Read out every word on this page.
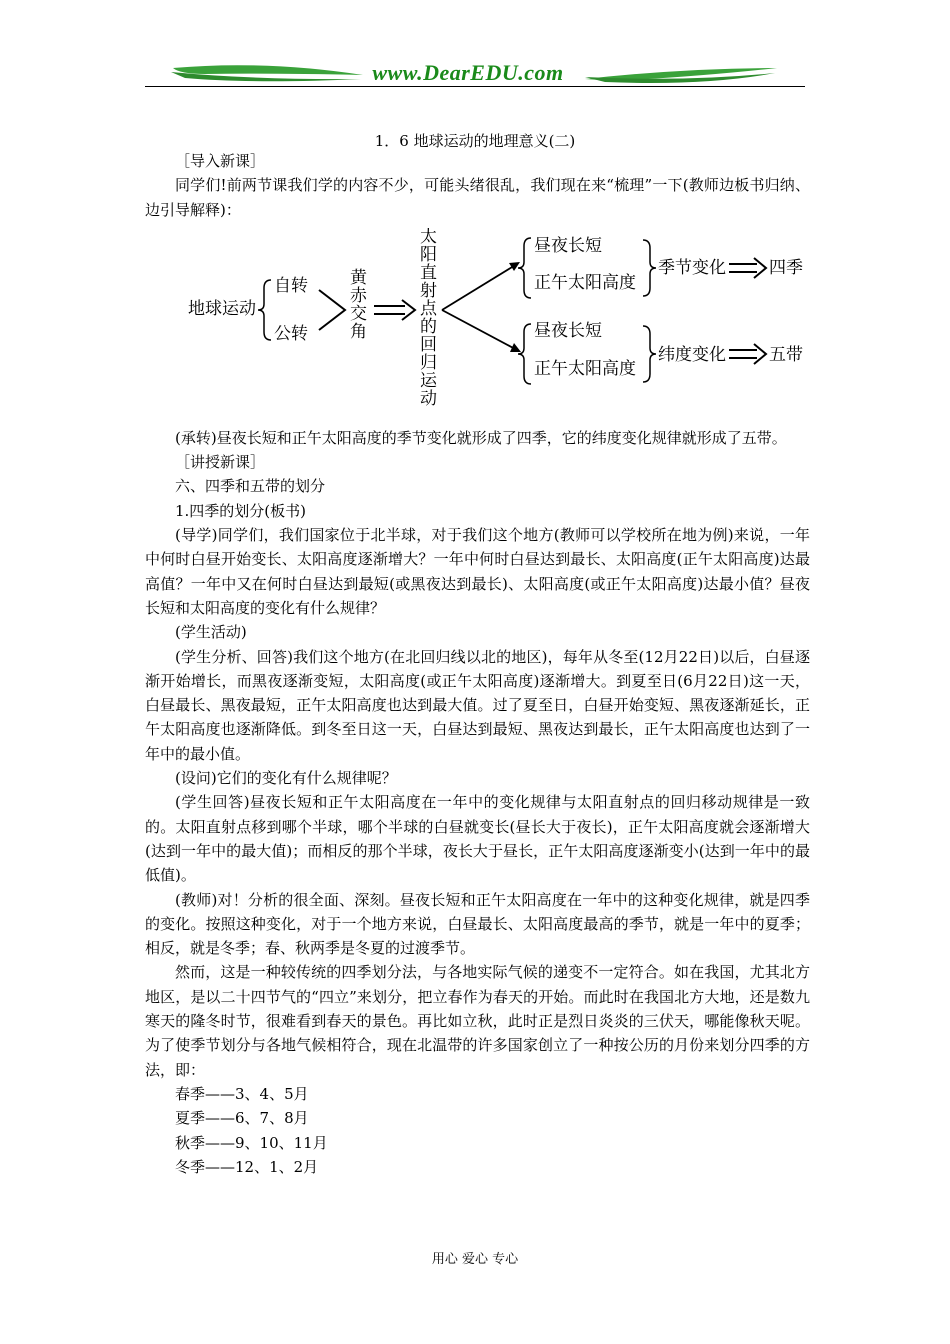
www.DearEDU.com
1．6 地球运动的地理意义(二)

［导入新课］

同学们!前两节课我们学的内容不少，可能头绪很乱，我们现在来“梳理”一下(教师边板书归纳、边引导解释)：

地球运动
自转
公转
黄 赤 交 角
太 阳 直 射 点 的 回 归 运 动
昼夜长短
正午太阳高度
季节变化	四季
昼夜长短
正午太阳高度
纬度变化	五带

(承转)昼夜长短和正午太阳高度的季节变化就形成了四季，它的纬度变化规律就形成了五带。

［讲授新课］

六、四季和五带的划分

1.四季的划分(板书)

(导学)同学们，我们国家位于北半球，对于我们这个地方(教师可以学校所在地为例)来说，一年中何时白昼开始变长、太阳高度逐渐增大？一年中何时白昼达到最长、太阳高度(正午太阳高度)达最高值？一年中又在何时白昼达到最短(或黑夜达到最长)、太阳高度(或正午太阳高度)达最小值？昼夜长短和太阳高度的变化有什么规律？

(学生活动)

(学生分析、回答)我们这个地方(在北回归线以北的地区)，每年从冬至(12月22日)以后，白昼逐渐开始增长，而黑夜逐渐变短，太阳高度(或正午太阳高度)逐渐增大。到夏至日(6月22日)这一天，白昼最长、黑夜最短，正午太阳高度也达到最大值。过了夏至日，白昼开始变短、黑夜逐渐延长，正午太阳高度也逐渐降低。到冬至日这一天，白昼达到最短、黑夜达到最长，正午太阳高度也达到了一年中的最小值。

(设问)它们的变化有什么规律呢？

(学生回答)昼夜长短和正午太阳高度在一年中的变化规律与太阳直射点的回归移动规律是一致的。太阳直射点移到哪个半球，哪个半球的白昼就变长(昼长大于夜长)，正午太阳高度就会逐渐增大(达到一年中的最大值)；而相反的那个半球，夜长大于昼长，正午太阳高度逐渐变小(达到一年中的最低值)。

(教师)对！分析的很全面、深刻。昼夜长短和正午太阳高度在一年中的这种变化规律，就是四季的变化。按照这种变化，对于一个地方来说，白昼最长、太阳高度最高的季节，就是一年中的夏季；相反，就是冬季；春、秋两季是冬夏的过渡季节。

然而，这是一种较传统的四季划分法，与各地实际气候的递变不一定符合。如在我国，尤其北方地区，是以二十四节气的“四立”来划分，把立春作为春天的开始。而此时在我国北方大地，还是数九寒天的隆冬时节，很难看到春天的景色。再比如立秋，此时正是烈日炎炎的三伏天，哪能像秋天呢。为了使季节划分与各地气候相符合，现在北温带的许多国家创立了一种按公历的月份来划分四季的方法，即：

春季——3、4、5月

夏季——6、7、8月

秋季——9、10、11月

冬季——12、1、2月

用心 爱心 专心
